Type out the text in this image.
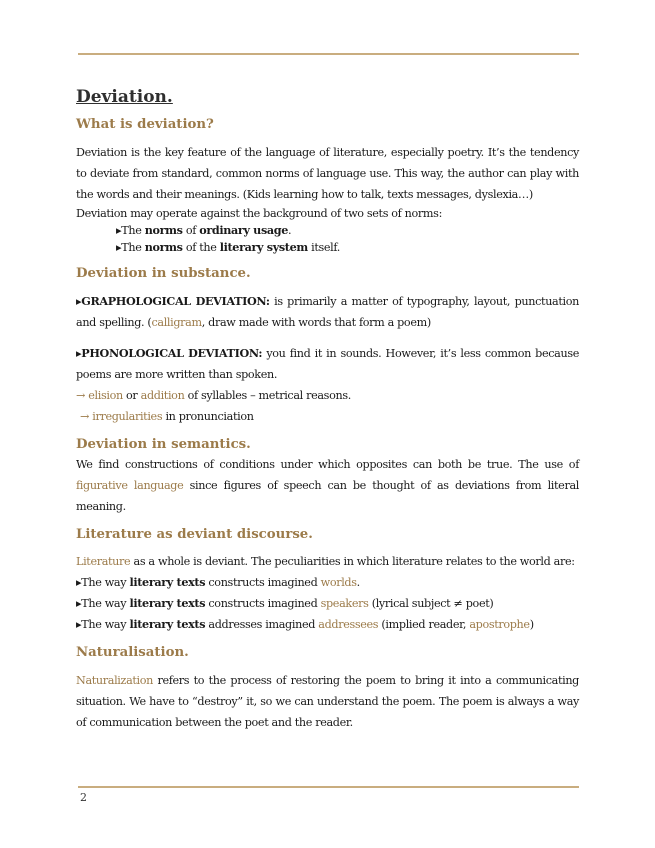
Deviation.
What is deviation?

Deviation is the key feature of the language of literature, especially poetry. It’s the tendency to deviate from standard, common norms of language use. This way, the author can play with the words and their meanings. (Kids learning how to talk, texts messages, dyslexia…)

Deviation may operate against the background of two sets of norms:

▸The norms of ordinary usage.
▸The norms of the literary system itself.
Deviation in substance.

▸GRAPHOLOGICAL DEVIATION: is primarily a matter of typography, layout, punctuation and spelling. (calligram, draw made with words that form a poem)

▸PHONOLOGICAL DEVIATION: you find it in sounds. However, it’s less common because poems are more written than spoken.

→ elision or addition of syllables – metrical reasons.
→ irregularities in pronunciation
Deviation in semantics.

We find constructions of conditions under which opposites can both be true. The use of figurative language since figures of speech can be thought of as deviations from literal meaning.

Literature as deviant discourse.

Literature as a whole is deviant. The peculiarities in which literature relates to the world are:

▸The way literary texts constructs imagined worlds.
▸The way literary texts constructs imagined speakers (lyrical subject ≠ poet)
▸The way literary texts addresses imagined addressees (implied reader, apostrophe)
Naturalisation.

Naturalization refers to the process of restoring the poem to bring it into a communicating situation. We have to “destroy” it, so we can understand the poem. The poem is always a way of communication between the poet and the reader.

2
